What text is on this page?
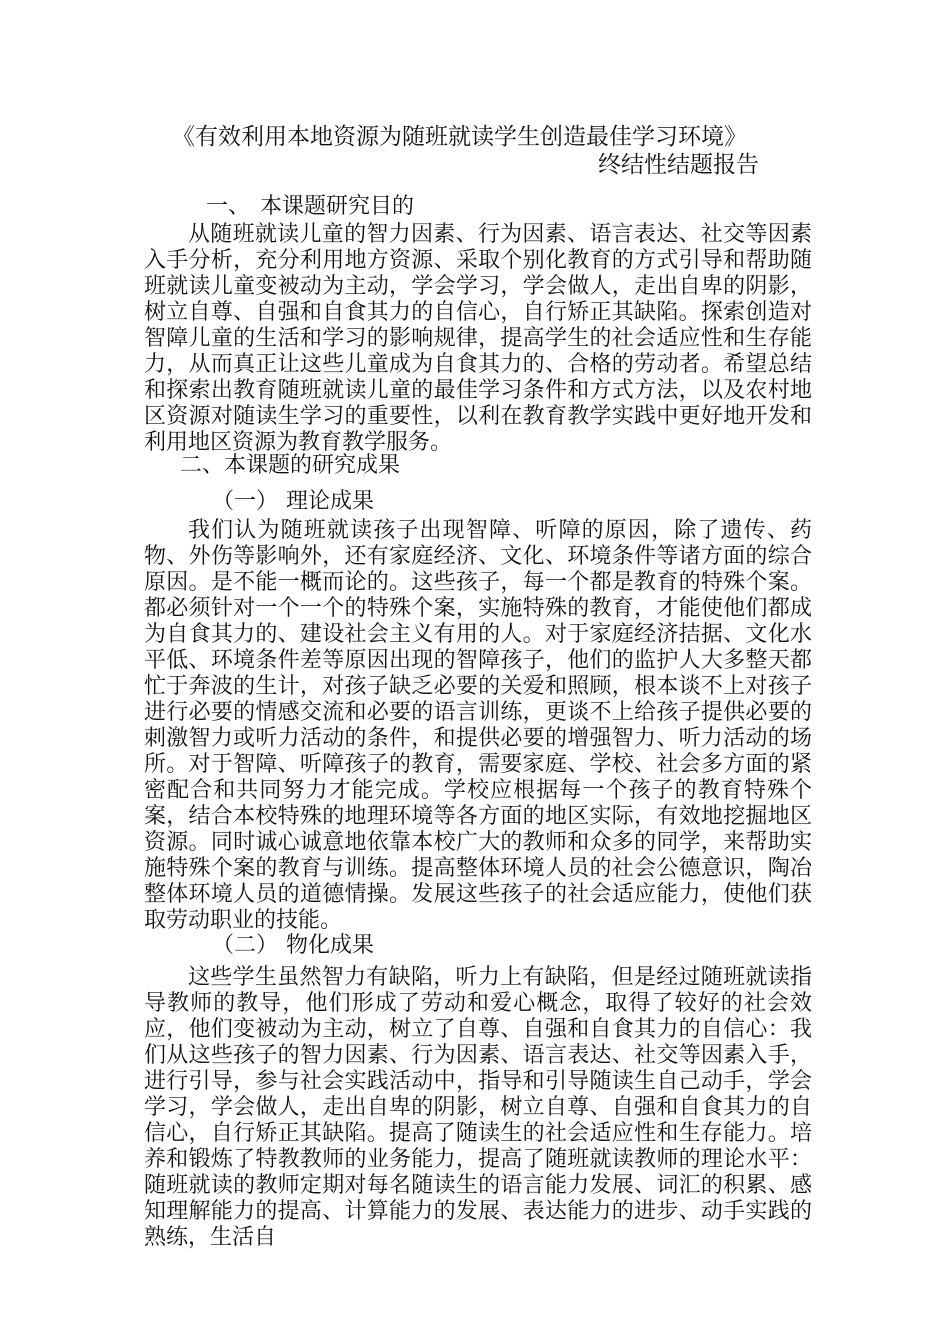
《有效利用本地资源为随班就读学生创造最佳学习环境》
终结性结题报告
一、 本课题研究目的

从随班就读儿童的智力因素、行为因素、语言表达、社交等因素入手分析，充分利用地方资源、采取个别化教育的方式引导和帮助随班就读儿童变被动为主动，学会学习，学会做人，走出自卑的阴影，树立自尊、自强和自食其力的自信心，自行矫正其缺陷。探索创造对智障儿童的生活和学习的影响规律，提高学生的社会适应性和生存能力，从而真正让这些儿童成为自食其力的、合格的劳动者。希望总结和探索出教育随班就读儿童的最佳学习条件和方式方法，以及农村地区资源对随读生学习的重要性，以利在教育教学实践中更好地开发和利用地区资源为教育教学服务。

二、本课题的研究成果
（一） 理论成果

我们认为随班就读孩子出现智障、听障的原因，除了遗传、药物、外伤等影响外，还有家庭经济、文化、环境条件等诸方面的综合原因。是不能一概而论的。这些孩子，每一个都是教育的特殊个案。都必须针对一个一个的特殊个案，实施特殊的教育，才能使他们都成为自食其力的、建设社会主义有用的人。对于家庭经济拮据、文化水平低、环境条件差等原因出现的智障孩子，他们的监护人大多整天都忙于奔波的生计，对孩子缺乏必要的关爱和照顾，根本谈不上对孩子进行必要的情感交流和必要的语言训练，更谈不上给孩子提供必要的刺激智力或听力活动的条件，和提供必要的增强智力、听力活动的场所。对于智障、听障孩子的教育，需要家庭、学校、社会多方面的紧密配合和共同努力才能完成。学校应根据每一个孩子的教育特殊个案，结合本校特殊的地理环境等各方面的地区实际，有效地挖掘地区资源。同时诚心诚意地依靠本校广大的教师和众多的同学，来帮助实施特殊个案的教育与训练。提高整体环境人员的社会公德意识，陶冶整体环境人员的道德情操。发展这些孩子的社会适应能力，使他们获取劳动职业的技能。

（二） 物化成果

这些学生虽然智力有缺陷，听力上有缺陷，但是经过随班就读指导教师的教导，他们形成了劳动和爱心概念，取得了较好的社会效应，他们变被动为主动，树立了自尊、自强和自食其力的自信心：我们从这些孩子的智力因素、行为因素、语言表达、社交等因素入手，进行引导，参与社会实践活动中，指导和引导随读生自己动手，学会学习，学会做人，走出自卑的阴影，树立自尊、自强和自食其力的自信心，自行矫正其缺陷。提高了随读生的社会适应性和生存能力。培养和锻炼了特教教师的业务能力，提高了随班就读教师的理论水平：随班就读的教师定期对每名随读生的语言能力发展、词汇的积累、感知理解能力的提高、计算能力的发展、表达能力的进步、动手实践的熟练，生活自
